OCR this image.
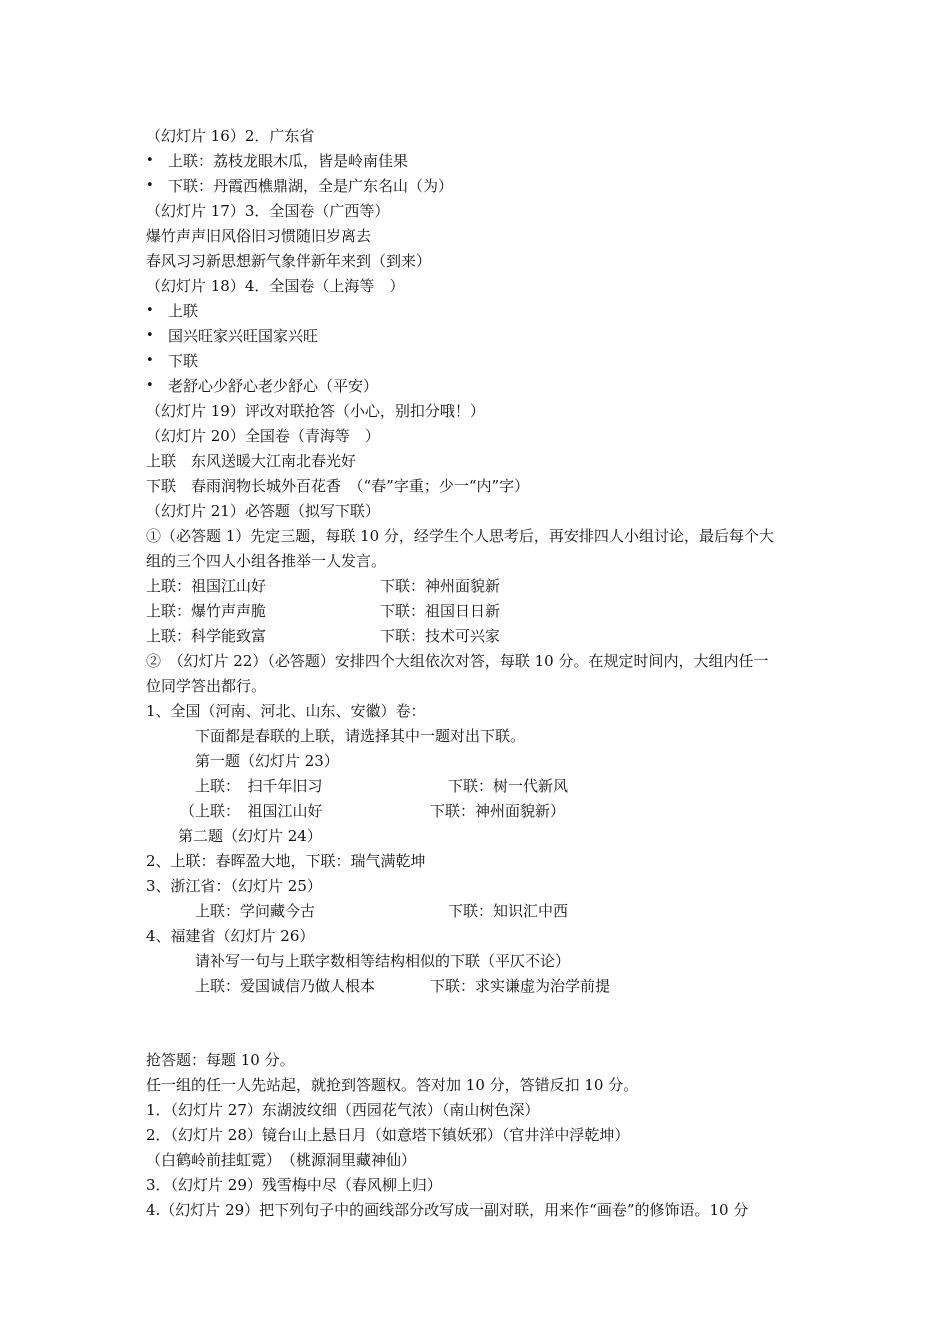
（幻灯片 16）2．广东省
• 上联：荔枝龙眼木瓜，皆是岭南佳果
• 下联：丹霞西樵鼎湖，全是广东名山（为）
（幻灯片 17）3．全国卷（广西等）
爆竹声声旧风俗旧习惯随旧岁离去
春风习习新思想新气象伴新年来到（到来）
（幻灯片 18）4．全国卷（上海等　）
• 上联
• 国兴旺家兴旺国家兴旺
• 下联
• 老舒心少舒心老少舒心（平安）
（幻灯片 19）评改对联抢答（小心，别扣分哦！）
（幻灯片 20）全国卷（青海等　）
上联　东风送暖大江南北春光好
下联　春雨润物长城外百花香　（“春”字重；少一“内”字）
（幻灯片 21）必答题（拟写下联）
①（必答题 1）先定三题，每联 10 分，经学生个人思考后，再安排四人小组讨论，最后每个大
组的三个四人小组各推举一人发言。
上联：祖国江山好	下联：神州面貌新
上联：爆竹声声脆	下联：祖国日日新
上联：科学能致富	下联：技术可兴家
②　（幻灯片 22）（必答题）安排四个大组依次对答，每联 10 分。在规定时间内，大组内任一
位同学答出都行。
1、全国（河南、河北、山东、安徽）卷：
下面都是春联的上联，请选择其中一题对出下联。
第一题（幻灯片 23）
上联：　扫千年旧习	下联：树一代新风
（上联：　祖国江山好	下联：神州面貌新）
第二题（幻灯片 24）
2、上联：春晖盈大地，下联：瑞气满乾坤
3、浙江省：（幻灯片 25）
上联：学问藏今古	下联：知识汇中西
4、福建省（幻灯片 26）
请补写一句与上联字数相等结构相似的下联（平仄不论）
上联：爱国诚信乃做人根本	下联：求实谦虚为治学前提
抢答题：每题 10 分。
任一组的任一人先站起，就抢到答题权。答对加 10 分，答错反扣 10 分。
1．（幻灯片 27）东湖波纹细（西园花气浓）（南山树色深）
2．（幻灯片 28）镜台山上悬日月（如意塔下镇妖邪）（官井洋中浮乾坤）
（白鹤岭前挂虹霓）　（桃源洞里藏神仙）
3．（幻灯片 29）残雪梅中尽（春风柳上归）
4.（幻灯片 29）把下列句子中的画线部分改写成一副对联，用来作“画卷”的修饰语。10 分
